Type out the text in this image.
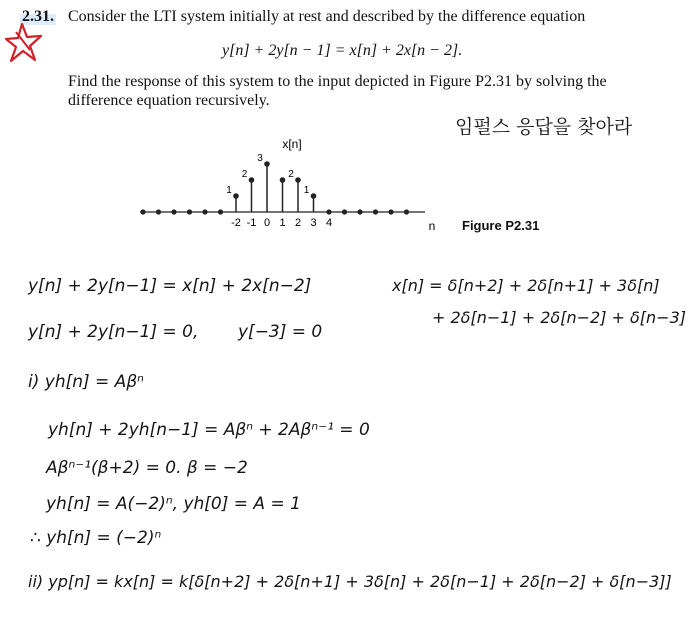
2.31. Consider the LTI system initially at rest and described by the difference equation
y[n] + 2y[n − 1] = x[n] + 2x[n − 2].
Find the response of this system to the input depicted in Figure P2.31 by solving the
difference equation recursively.
임펄스 응답을 찾아라
1
2
3
2
1
-2 -1 0 1 2 3 4
x[n]
n Figure P2.31
y[n] + 2y[n−1] = x[n] + 2x[n−2]	x[n] = δ[n+2] + 2δ[n+1] + 3δ[n]
+ 2δ[n−1] + 2δ[n−2] + δ[n−3]
y[n] + 2y[n−1] = 0, y[−3] = 0
i) yh[n] = Aβⁿ
yh[n] + 2yh[n−1] = Aβⁿ + 2Aβⁿ⁻¹ = 0
Aβⁿ⁻¹(β+2) = 0. β = −2
yh[n] = A(−2)ⁿ, yh[0] = A = 1
∴ yh[n] = (−2)ⁿ
ii) yp[n] = kx[n] = k[δ[n+2] + 2δ[n+1] + 3δ[n] + 2δ[n−1] + 2δ[n−2] + δ[n−3]]
